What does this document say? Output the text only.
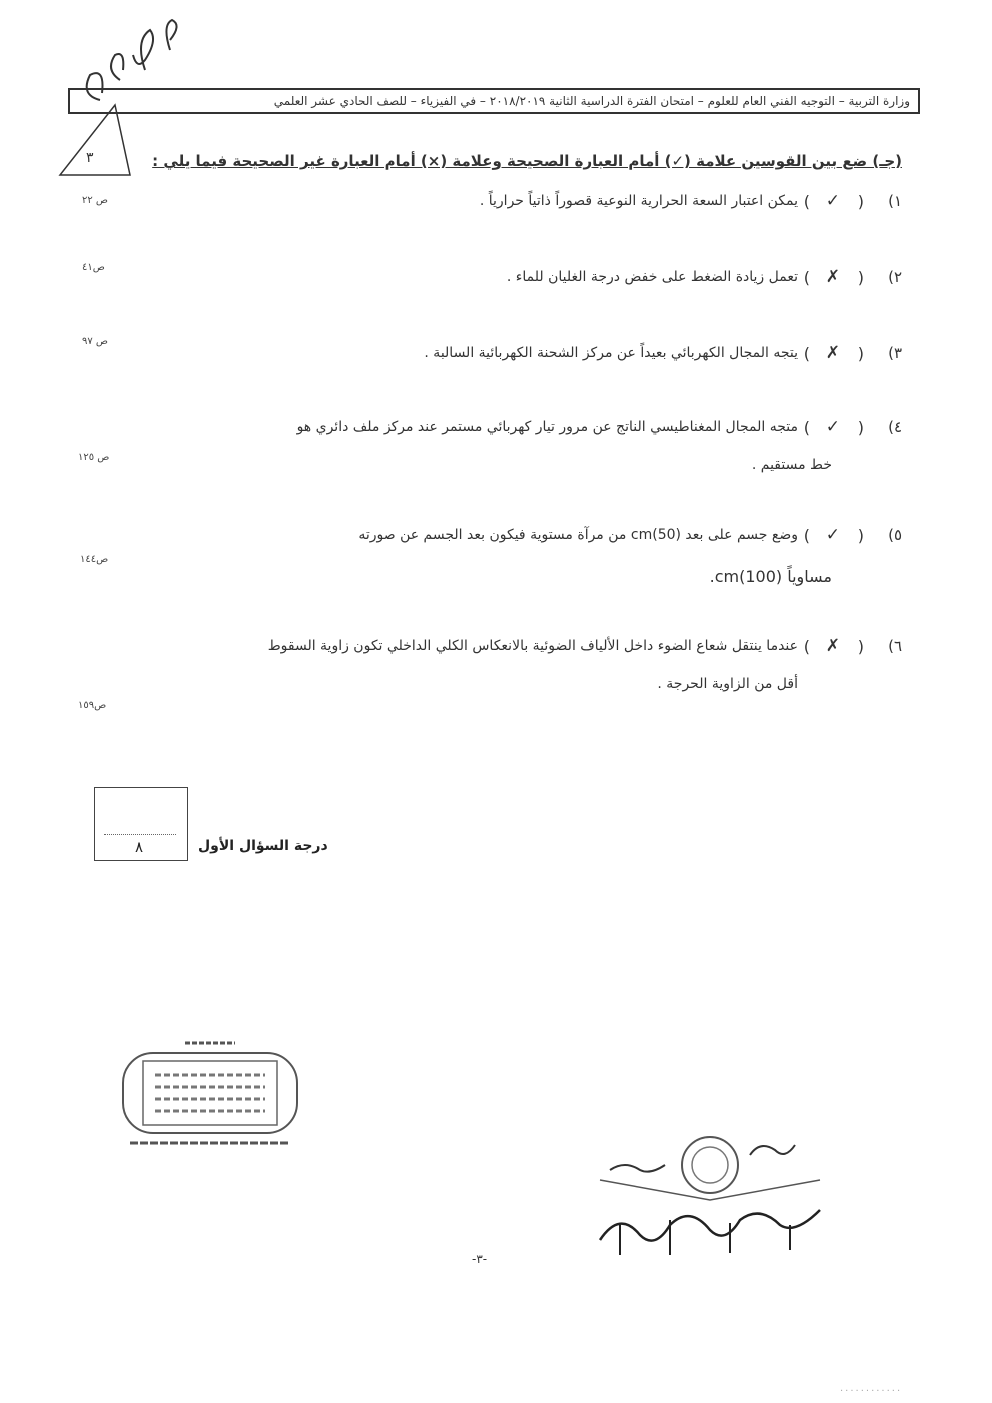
٣
وزارة التربية – التوجيه الفني العام للعلوم – امتحان الفترة الدراسية الثانية ٢٠١٨/٢٠١٩ – في الفيزياء – للصف الحادي عشر العلمي
(جـ) ضع بين القوسين علامة (✓) أمام العبارة الصحيحة وعلامة (×) أمام العبارة غير الصحيحة فيما يلي :
١)
(
✓
)
يمكن اعتبار السعة الحرارية النوعية قصوراً ذاتياً حرارياً .
ص ٢٢
٢)
(
✗
)
تعمل زيادة الضغط على خفض درجة الغليان للماء .
ص٤١
٣)
(
✗
)
يتجه المجال الكهربائي بعيداً عن مركز الشحنة الكهربائية السالبة .
ص ٩٧
٤)
(
✓
)
متجه المجال المغناطيسي الناتج عن مرور تيار كهربائي مستمر عند مركز ملف دائري هو
خط مستقيم .
ص ١٢٥
٥)
(
✓
)
وضع جسم على بعد (50)cm من مرآة مستوية فيكون بعد الجسم عن صورته
مساوياً (100)cm.
ص١٤٤
٦)
(
✗
)
عندما ينتقل شعاع الضوء داخل الألياف الضوئية بالانعكاس الكلي الداخلي تكون زاوية السقوط
أقل من الزاوية الحرجة .
ص١٥٩
٨	درجة السؤال الأول
-٣-
............
